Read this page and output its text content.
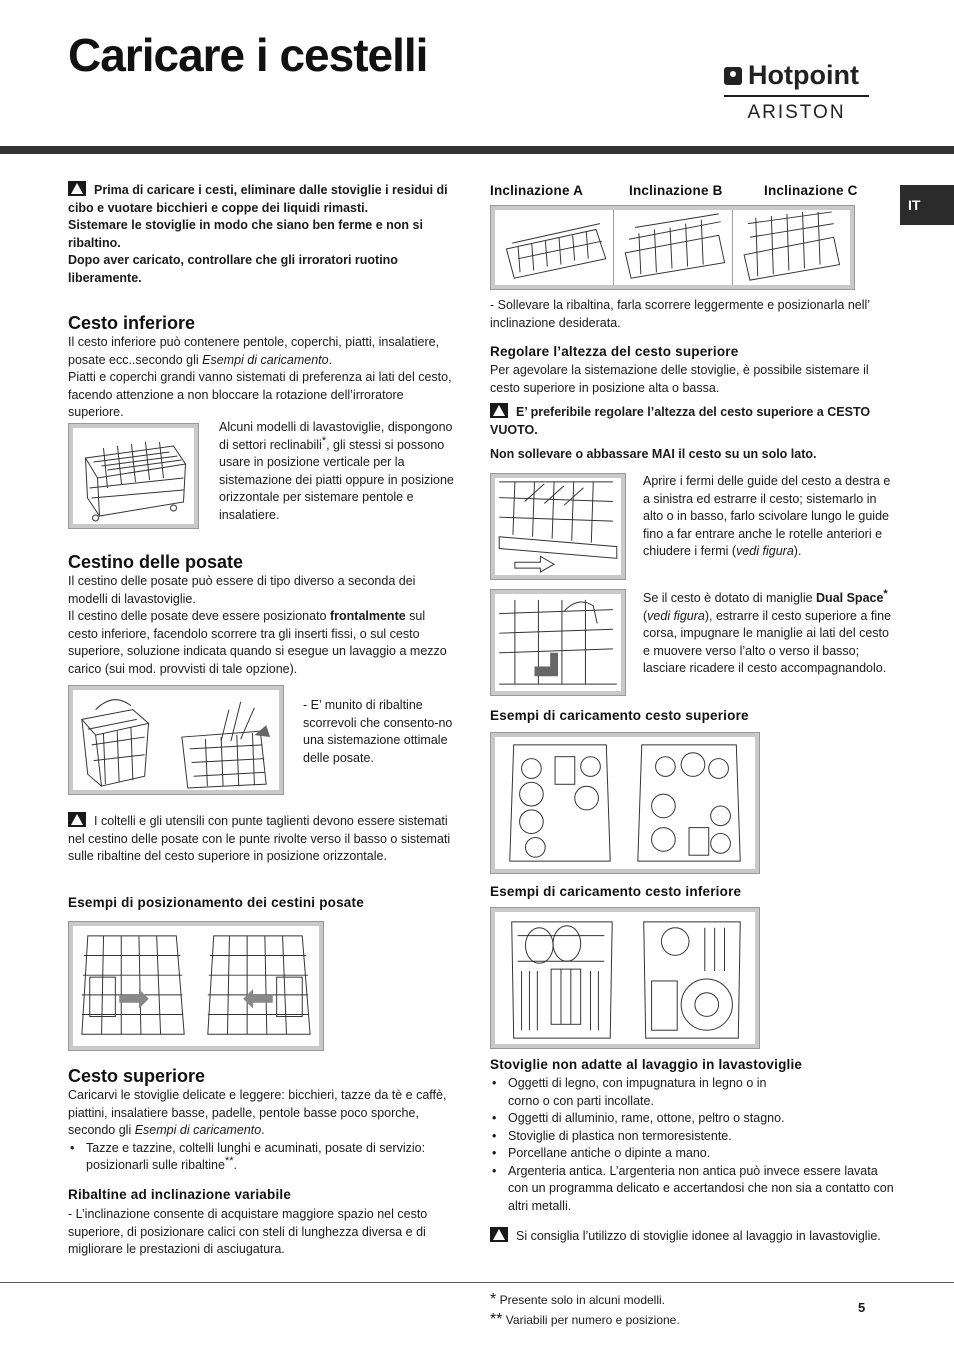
Caricare i cestelli	Hotpoint
ARISTON
IT
Prima di caricare i cesti, eliminare dalle stoviglie i residui di cibo e vuotare bicchieri e coppe dei liquidi rimasti.
Sistemare le stoviglie in modo che siano ben ferme e non si ribaltino.
Dopo aver caricato, controllare che gli irroratori ruotino liberamente.
Cesto inferiore
Il cesto inferiore può contenere pentole, coperchi, piatti, insalatiere, posate ecc..secondo gli Esempi di caricamento.
Piatti e coperchi grandi vanno sistemati di preferenza ai lati del cesto, facendo attenzione a non bloccare la rotazione dell’irroratore superiore.
Alcuni modelli di lavastoviglie, dispongono di settori reclinabili*, gli stessi si possono usare in posizione verticale per la sistemazione dei piatti oppure in posizione orizzontale per sistemare pentole e insalatiere.
Cestino delle posate
Il cestino delle posate può essere di tipo diverso a seconda dei modelli di lavastoviglie.
Il cestino delle posate deve essere posizionato frontalmente sul cesto inferiore, facendolo scorrere tra gli inserti fissi, o sul cesto superiore, soluzione indicata quando si esegue un lavaggio a mezzo carico (sui mod. provvisti di tale opzione).
- E’ munito di ribaltine scorrevoli che consento-no una sistemazione ottimale delle posate.
I coltelli e gli utensili con punte taglienti devono essere sistemati nel cestino delle posate con le punte rivolte verso il basso o sistemati sulle ribaltine del cesto superiore in posizione orizzontale.
Esempi di posizionamento dei cestini posate
Cesto superiore
Caricarvi le stoviglie delicate e leggere: bicchieri, tazze da tè e caffè, piattini, insalatiere basse, padelle, pentole basse poco sporche, secondo gli Esempi di caricamento.
• Tazze e tazzine, coltelli lunghi e acuminati, posate di servizio: posizionarli sulle ribaltine**.
Ribaltine ad inclinazione variabile
- L’inclinazione consente di acquistare maggiore spazio nel cesto superiore, di posizionare calici con steli di lunghezza diversa e di migliorare le prestazioni di asciugatura.
Inclinazione A	Inclinazione B	Inclinazione C
- Sollevare la ribaltina, farla scorrere leggermente e posizionarla nell’ inclinazione desiderata.
Regolare l’altezza del cesto superiore
Per agevolare la sistemazione delle stoviglie, è possibile sistemare il cesto superiore in posizione alta o bassa.
E’ preferibile regolare l’altezza del cesto superiore a CESTO VUOTO.
Non sollevare o abbassare MAI il cesto su un solo lato.
Aprire i fermi delle guide del cesto a destra e a sinistra ed estrarre il cesto; sistemarlo in alto o in basso, farlo scivolare lungo le guide fino a far entrare anche le rotelle anteriori e chiudere i fermi (vedi figura).
Se il cesto è dotato di maniglie Dual Space* (vedi figura), estrarre il cesto superiore a fine corsa, impugnare le maniglie ai lati del cesto e muovere verso l’alto o verso il basso; lasciare ricadere il cesto accompagnandolo.
Esempi di caricamento cesto superiore
Esempi di caricamento cesto inferiore
Stoviglie non adatte al lavaggio in lavastoviglie
• Oggetti di legno, con impugnatura in legno o in corno o con parti incollate.
• Oggetti di alluminio, rame, ottone, peltro o stagno.
• Stoviglie di plastica non termoresistente.
• Porcellane antiche o dipinte a mano.
• Argenteria antica. L’argenteria non antica può invece essere lavata con un programma delicato e accertandosi che non sia a contatto con altri metalli.
Si consiglia l’utilizzo di stoviglie idonee al lavaggio in lavastoviglie.
* Presente solo in alcuni modelli.
** Variabili per numero e posizione.
5
